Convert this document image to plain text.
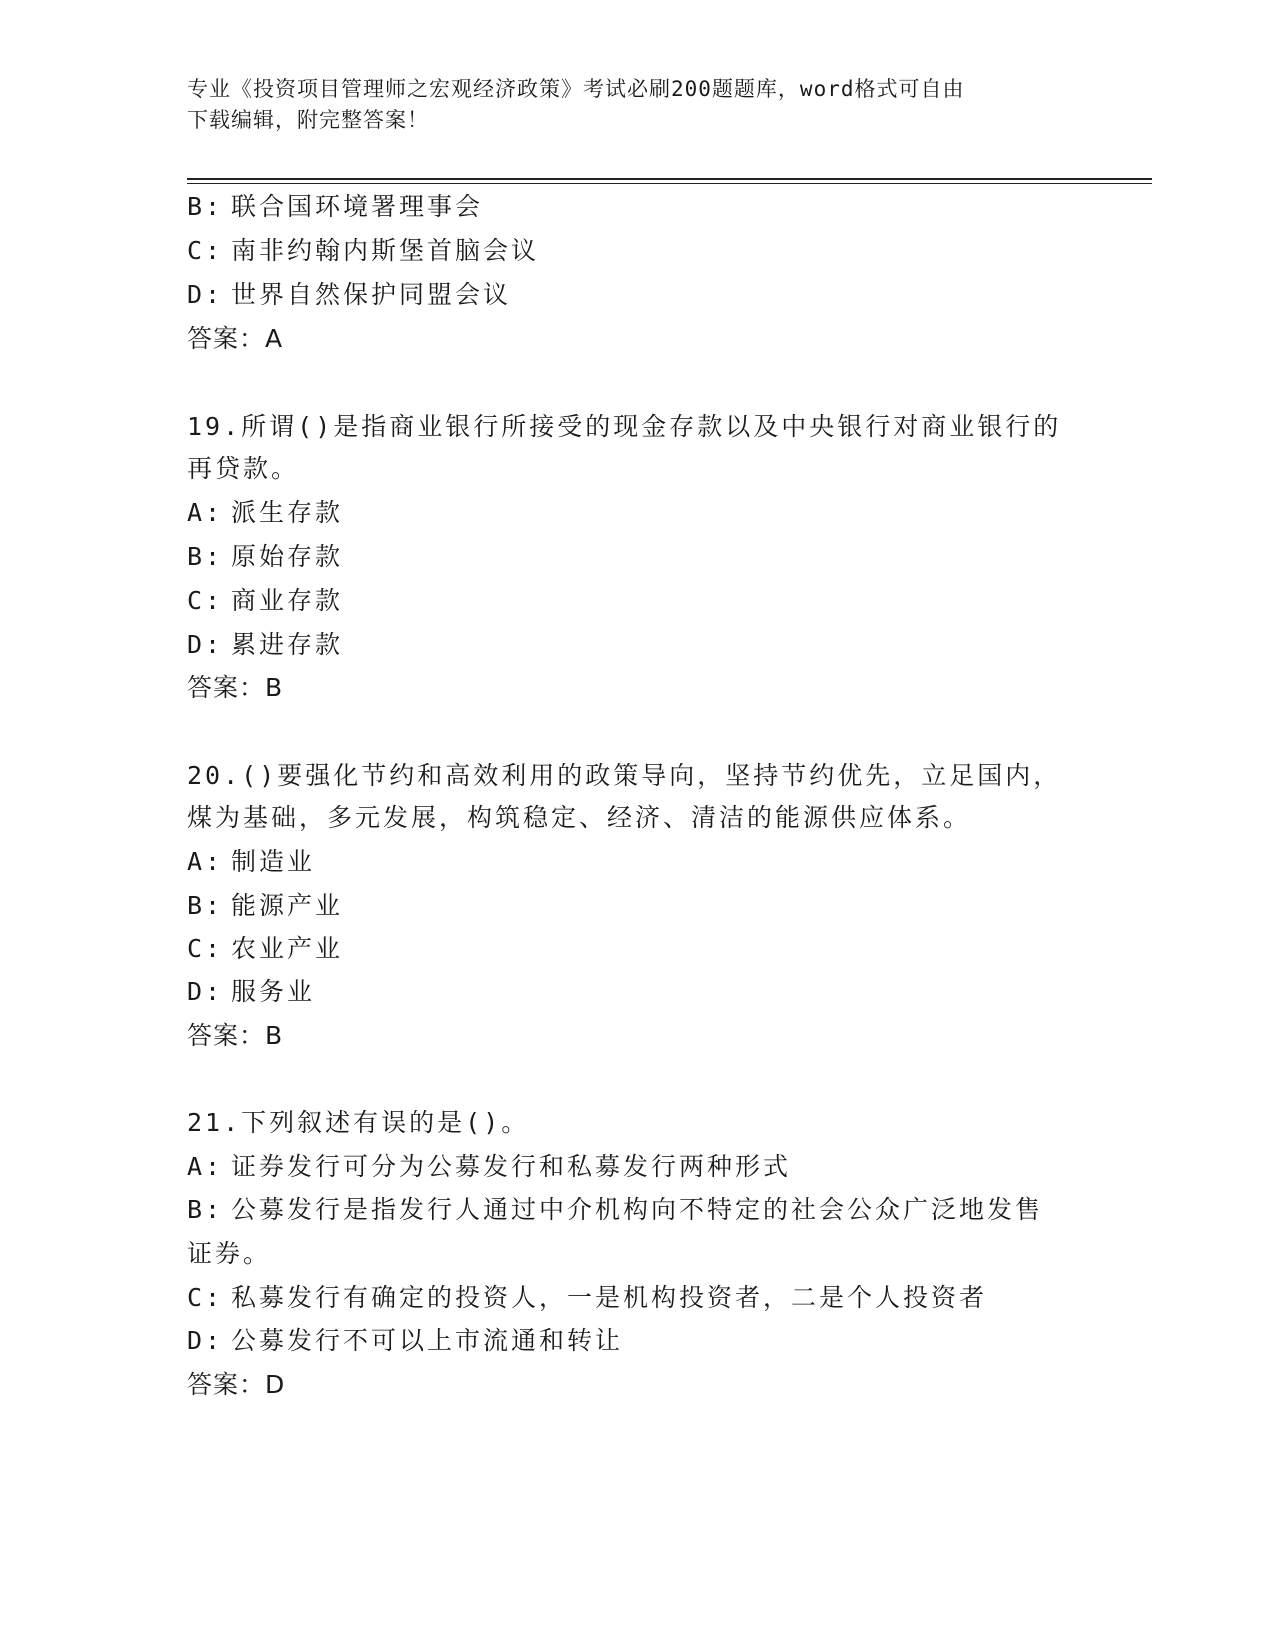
专业《投资项目管理师之宏观经济政策》考试必刷200题题库，word格式可自由
下载编辑，附完整答案！
B: 联合国环境署理事会
C: 南非约翰内斯堡首脑会议
D: 世界自然保护同盟会议
答案：A
19.所谓()是指商业银行所接受的现金存款以及中央银行对商业银行的
再贷款。
A: 派生存款
B: 原始存款
C: 商业存款
D: 累进存款
答案：B
20.()要强化节约和高效利用的政策导向，坚持节约优先，立足国内，
煤为基础，多元发展，构筑稳定、经济、清洁的能源供应体系。
A: 制造业
B: 能源产业
C: 农业产业
D: 服务业
答案：B
21.下列叙述有误的是()。
A: 证券发行可分为公募发行和私募发行两种形式
B: 公募发行是指发行人通过中介机构向不特定的社会公众广泛地发售
证券。
C: 私募发行有确定的投资人，一是机构投资者，二是个人投资者
D: 公募发行不可以上市流通和转让
答案：D
